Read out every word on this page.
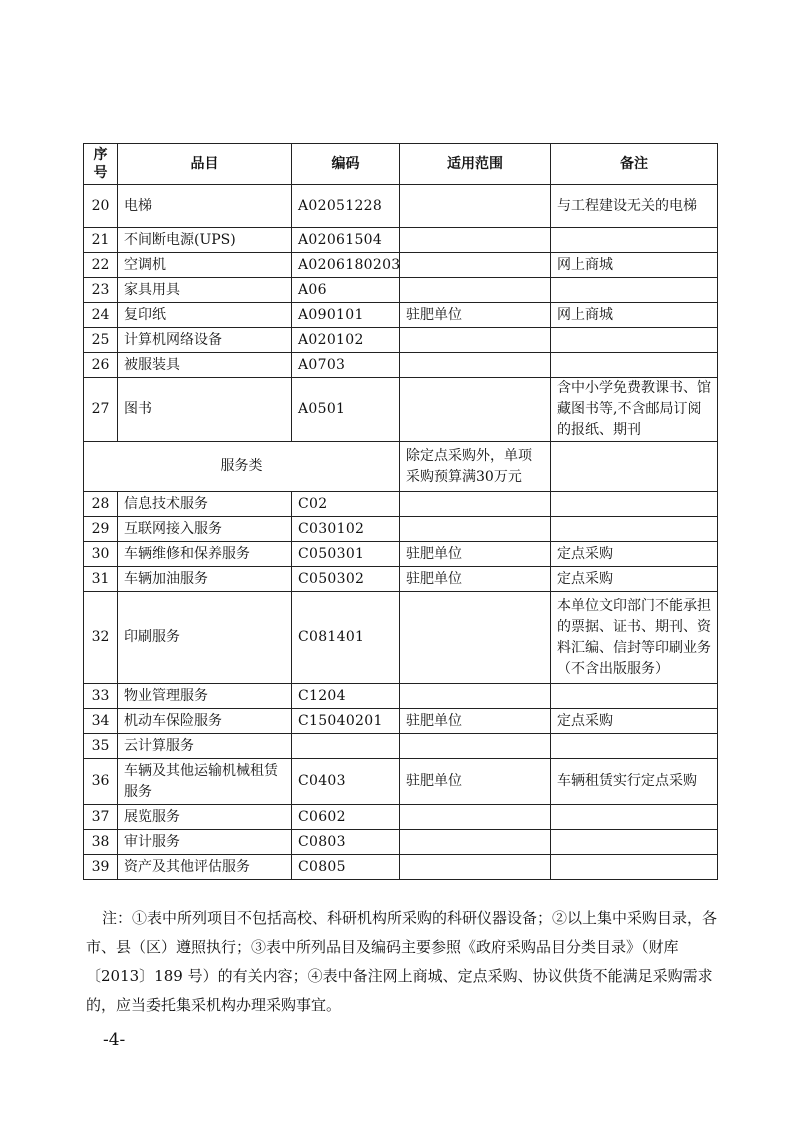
序
号	品目	编码	适用范围	备注
20	电梯	A02051228		与工程建设无关的电梯
21	不间断电源(UPS)	A02061504		
22	空调机	A0206180203		网上商城
23	家具用具	A06		
24	复印纸	A090101	驻肥单位	网上商城
25	计算机网络设备	A020102		
26	被服装具	A0703		
27	图书	A0501		含中小学免费教课书、馆藏图书等,不含邮局订阅的报纸、期刊
服务类			除定点采购外，单项采购预算满30万元	
28	信息技术服务	C02		
29	互联网接入服务	C030102		
30	车辆维修和保养服务	C050301	驻肥单位	定点采购
31	车辆加油服务	C050302	驻肥单位	定点采购
32	印刷服务	C081401		本单位文印部门不能承担的票据、证书、期刊、资料汇编、信封等印刷业务（不含出版服务）
33	物业管理服务	C1204		
34	机动车保险服务	C15040201	驻肥单位	定点采购
35	云计算服务			
36	车辆及其他运输机械租赁服务	C0403	驻肥单位	车辆租赁实行定点采购
37	展览服务	C0602		
38	审计服务	C0803		
39	资产及其他评估服务	C0805		
注：①表中所列项目不包括高校、科研机构所采购的科研仪器设备；②以上集中采购目录，各市、县（区）遵照执行；③表中所列品目及编码主要参照《政府采购品目分类目录》（财库〔2013〕189 号）的有关内容；④表中备注网上商城、定点采购、协议供货不能满足采购需求的，应当委托集采机构办理采购事宜。
-4-
